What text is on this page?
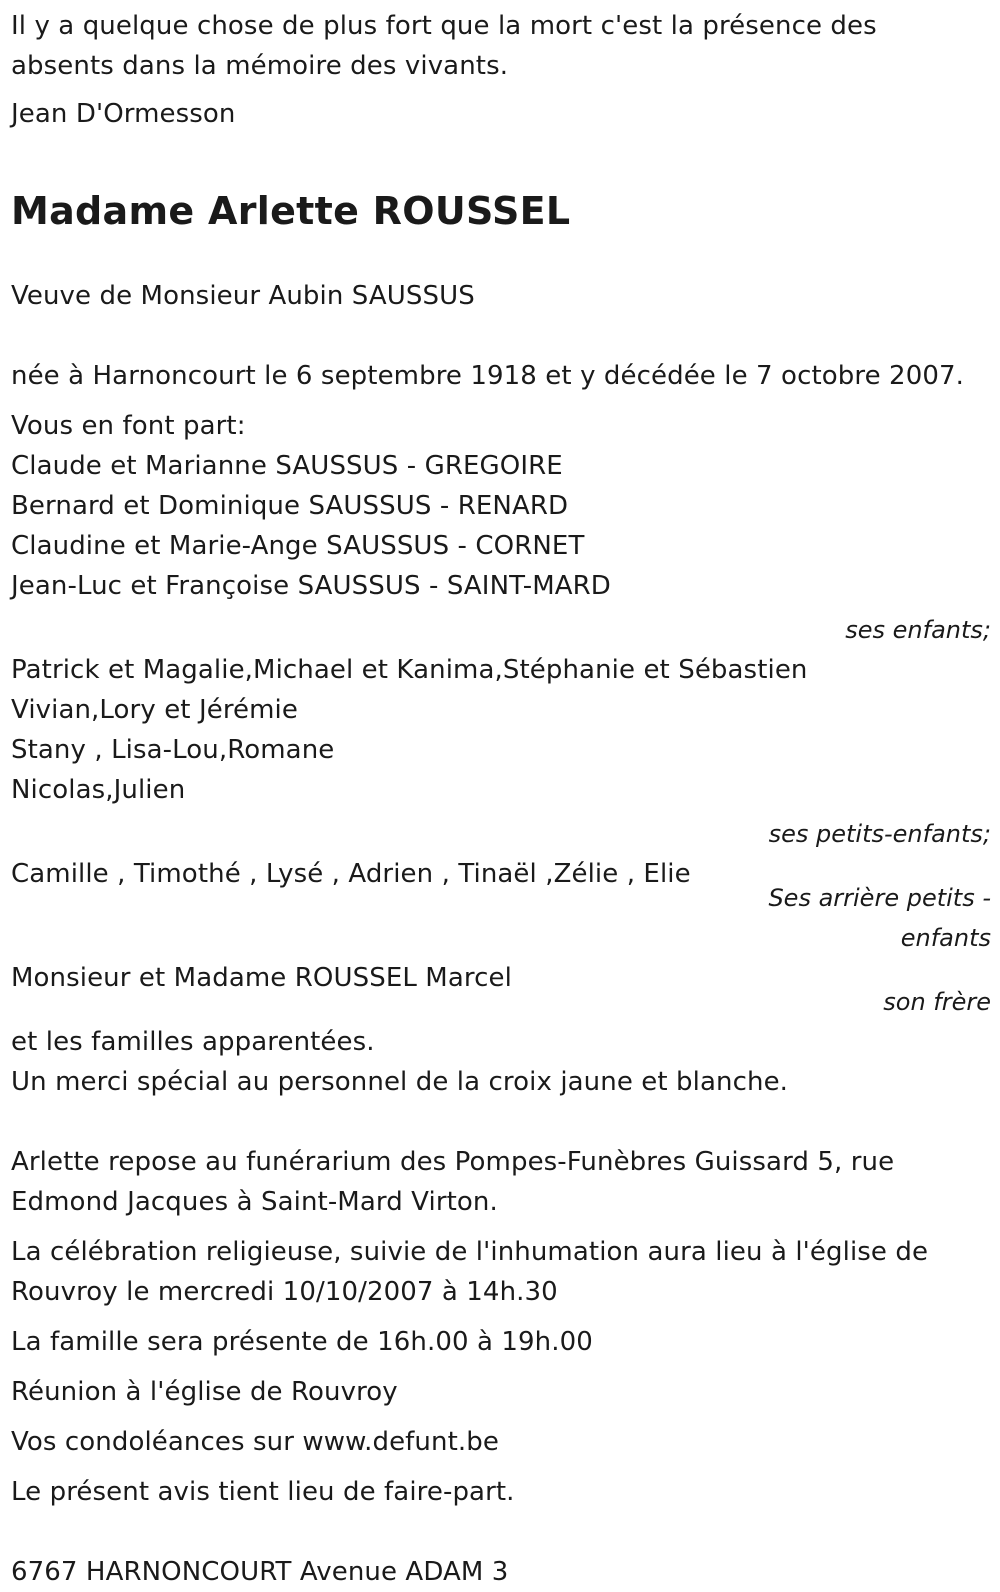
Il y a quelque chose de plus fort que la mort c'est la présence des
absents dans la mémoire des vivants.
Jean D'Ormesson
Madame Arlette ROUSSEL
Veuve de Monsieur Aubin SAUSSUS
née à Harnoncourt le 6 septembre 1918 et y décédée le 7 octobre 2007.
Vous en font part:
Claude et Marianne SAUSSUS - GREGOIRE
Bernard et Dominique SAUSSUS - RENARD
Claudine et Marie-Ange SAUSSUS - CORNET
Jean-Luc et Françoise SAUSSUS - SAINT-MARD
ses enfants;
Patrick et Magalie,Michael et Kanima,Stéphanie et Sébastien
Vivian,Lory et Jérémie
Stany , Lisa-Lou,Romane
Nicolas,Julien
ses petits-enfants;
Camille , Timothé , Lysé , Adrien , Tinaël ,Zélie , Elie
Ses arrière petits -
enfants
Monsieur et Madame ROUSSEL Marcel
son frère
et les familles apparentées.
Un merci spécial au personnel de la croix jaune et blanche.
Arlette repose au funérarium des Pompes-Funèbres Guissard 5, rue
Edmond Jacques à Saint-Mard Virton.
La célébration religieuse, suivie de l'inhumation aura lieu à l'église de
Rouvroy le mercredi 10/10/2007 à 14h.30
La famille sera présente de 16h.00 à 19h.00
Réunion à l'église de Rouvroy
Vos condoléances sur www.defunt.be
Le présent avis tient lieu de faire-part.
6767 HARNONCOURT Avenue ADAM 3
